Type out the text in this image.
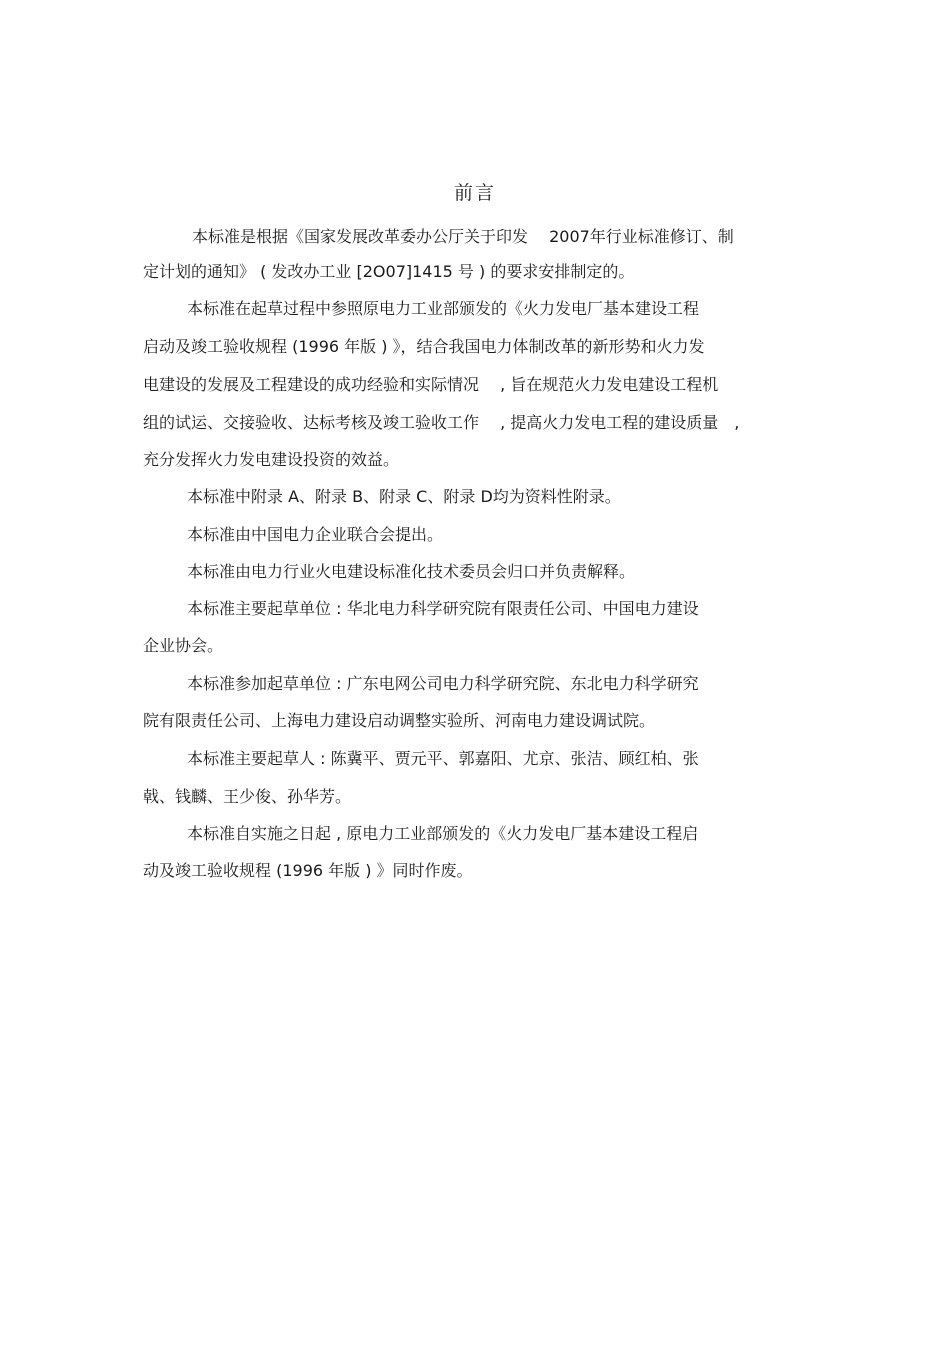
前言
本标准是根据《国家发展改革委办公厅关于印发　 2007年行业标准修订、制
定计划的通知》 ( 发改办工业 [2O07]1415 号 ) 的要求安排制定的。
本标准在起草过程中参照原电力工业部颁发的《火力发电厂基本建设工程
启动及竣工验收规程 (1996 年版 ) 》，结合我国电力体制改革的新形势和火力发
电建设的发展及工程建设的成功经验和实际情况　 , 旨在规范火力发电建设工程机
组的试运、交接验收、达标考核及竣工验收工作　 , 提高火力发电工程的建设质量　,
充分发挥火力发电建设投资的效益。
本标准中附录 A、附录 B、附录 C、附录 D均为资料性附录。
本标准由中国电力企业联合会提出。
本标准由电力行业火电建设标准化技术委员会归口并负责解释。
本标准主要起草单位 : 华北电力科学研究院有限责任公司、中国电力建设
企业协会。
本标准参加起草单位 : 广东电网公司电力科学研究院、东北电力科学研究
院有限责任公司、上海电力建设启动调整实验所、河南电力建设调试院。
本标准主要起草人 : 陈冀平、贾元平、郭嘉阳、尤京、张洁、顾红柏、张
戟、钱麟、王少俊、孙华芳。
本标准自实施之日起 , 原电力工业部颁发的《火力发电厂基本建设工程启
动及竣工验收规程 (1996 年版 ) 》同时作废。
